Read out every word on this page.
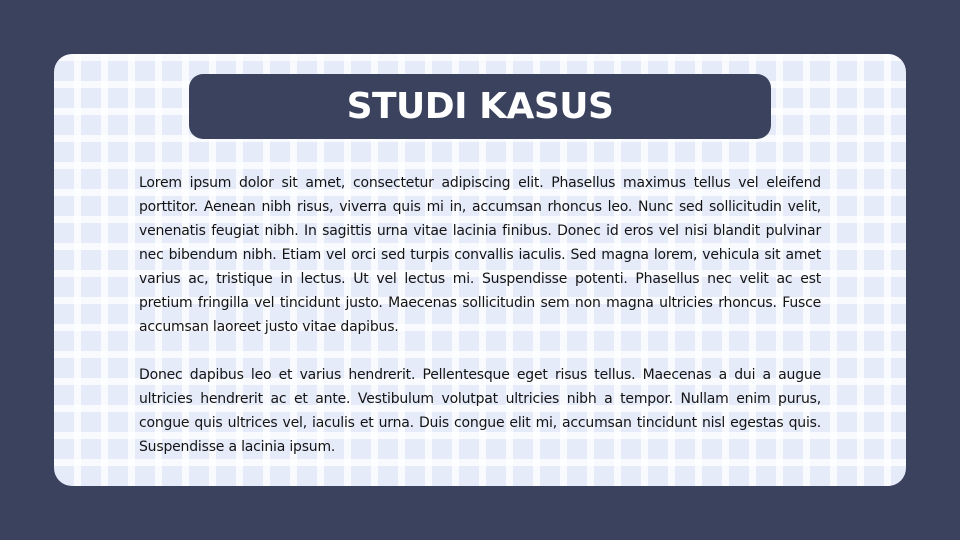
STUDI KASUS

Lorem ipsum dolor sit amet, consectetur adipiscing elit. Phasellus maximus tellus vel eleifend porttitor. Aenean nibh risus, viverra quis mi in, accumsan rhoncus leo. Nunc sed sollicitudin velit, venenatis feugiat nibh. In sagittis urna vitae lacinia finibus. Donec id eros vel nisi blandit pulvinar nec bibendum nibh. Etiam vel orci sed turpis convallis iaculis. Sed magna lorem, vehicula sit amet varius ac, tristique in lectus. Ut vel lectus mi. Suspendisse potenti. Phasellus nec velit ac est pretium fringilla vel tincidunt justo. Maecenas sollicitudin sem non magna ultricies rhoncus. Fusce accumsan laoreet justo vitae dapibus.

Donec dapibus leo et varius hendrerit. Pellentesque eget risus tellus. Maecenas a dui a augue ultricies hendrerit ac et ante. Vestibulum volutpat ultricies nibh a tempor. Nullam enim purus, congue quis ultrices vel, iaculis et urna. Duis congue elit mi, accumsan tincidunt nisl egestas quis. Suspendisse a lacinia ipsum.
